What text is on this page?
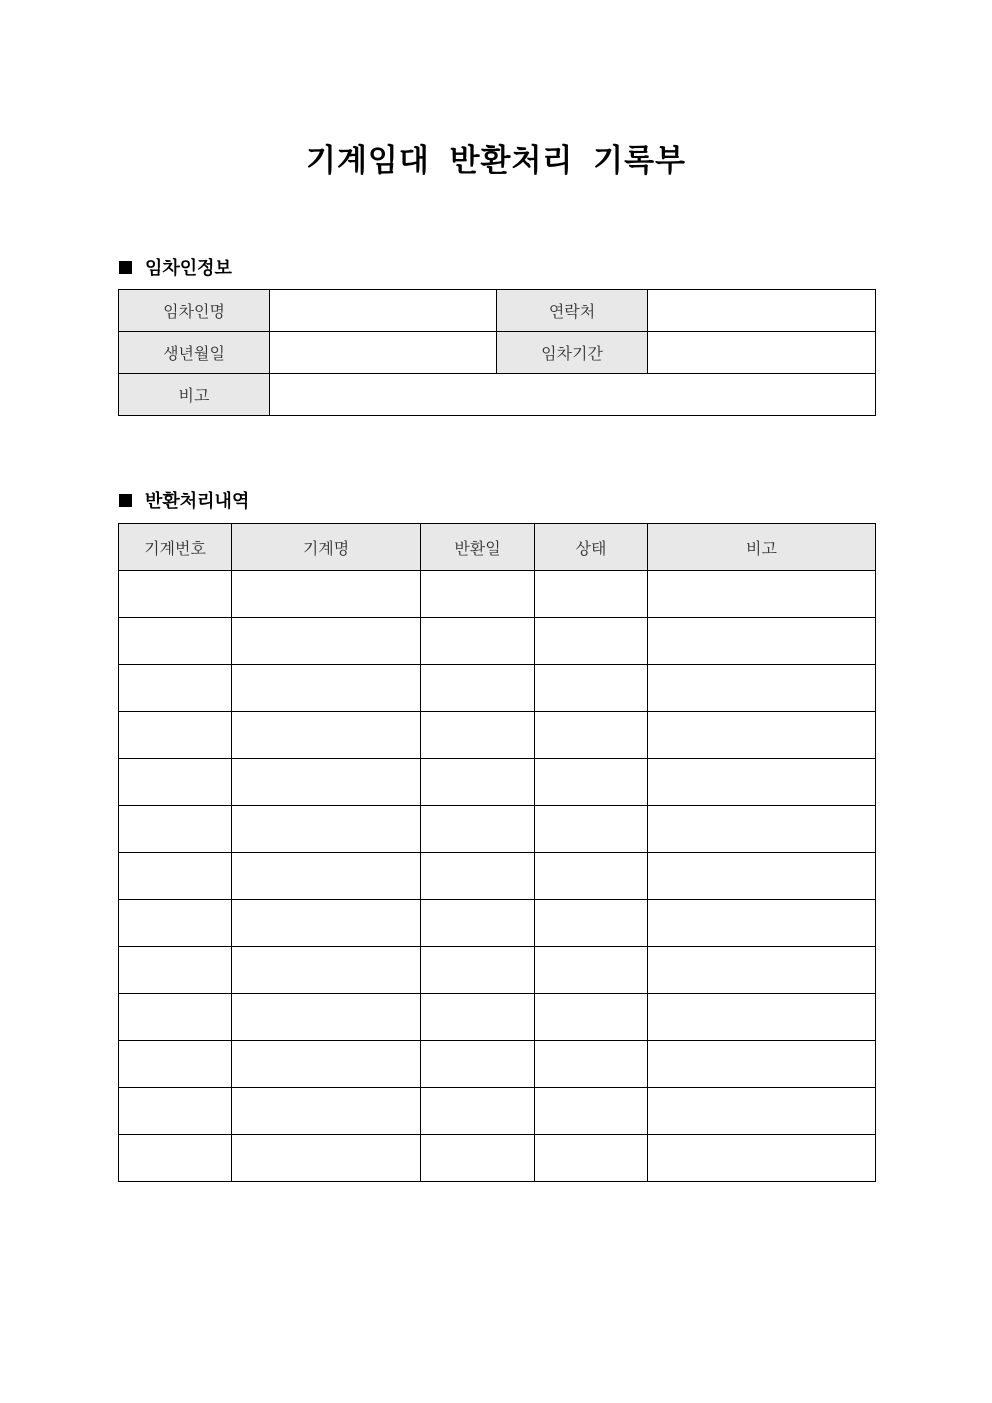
기계임대 반환처리 기록부
임차인정보
임차인명		연락처	
생년월일		임차기간	
비고			
반환처리내역
기계번호	기계명	반환일	상태	비고
